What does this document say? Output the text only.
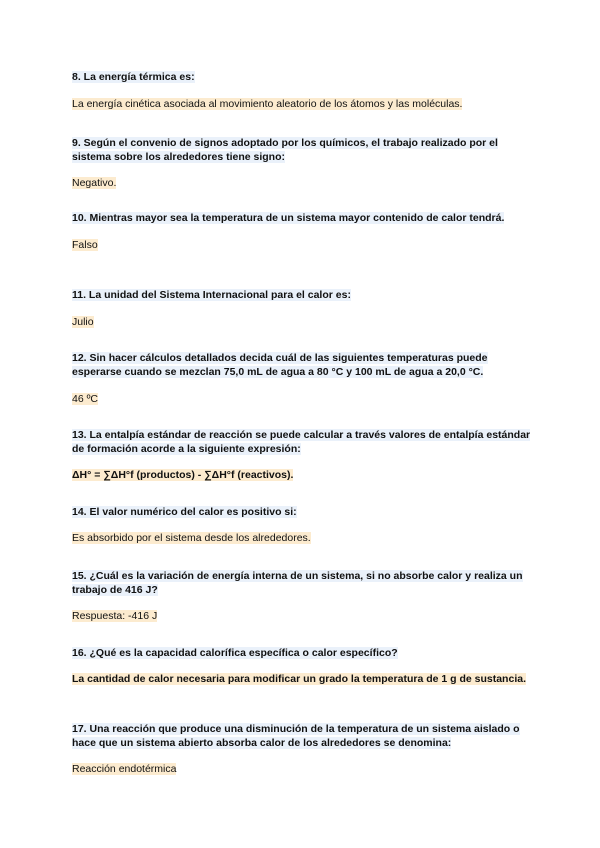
8. La energía térmica es:

La energía cinética asociada al movimiento aleatorio de los átomos y las moléculas.

9. Según el convenio de signos adoptado por los químicos, el trabajo realizado por el sistema sobre los alrededores tiene signo:

Negativo.

10. Mientras mayor sea la temperatura de un sistema mayor contenido de calor tendrá.

Falso

11. La unidad del Sistema Internacional para el calor es:

Julio

12. Sin hacer cálculos detallados decida cuál de las siguientes temperaturas puede esperarse cuando se mezclan 75,0 mL de agua a 80 °C y 100 mL de agua a 20,0 °C.

46 ºC

13. La entalpía estándar de reacción se puede calcular a través valores de entalpía estándar de formación acorde a la siguiente expresión:

ΔH° = ∑ΔH°f (productos) - ∑ΔH°f (reactivos).

14. El valor numérico del calor es positivo si:

Es absorbido por el sistema desde los alrededores.

15. ¿Cuál es la variación de energía interna de un sistema, si no absorbe calor y realiza un trabajo de 416 J?

Respuesta: -416 J

16. ¿Qué es la capacidad calorífica específica o calor específico?

La cantidad de calor necesaria para modificar un grado la temperatura de 1 g de sustancia.

17. Una reacción que produce una disminución de la temperatura de un sistema aislado o hace que un sistema abierto absorba calor de los alrededores se denomina:

Reacción endotérmica
